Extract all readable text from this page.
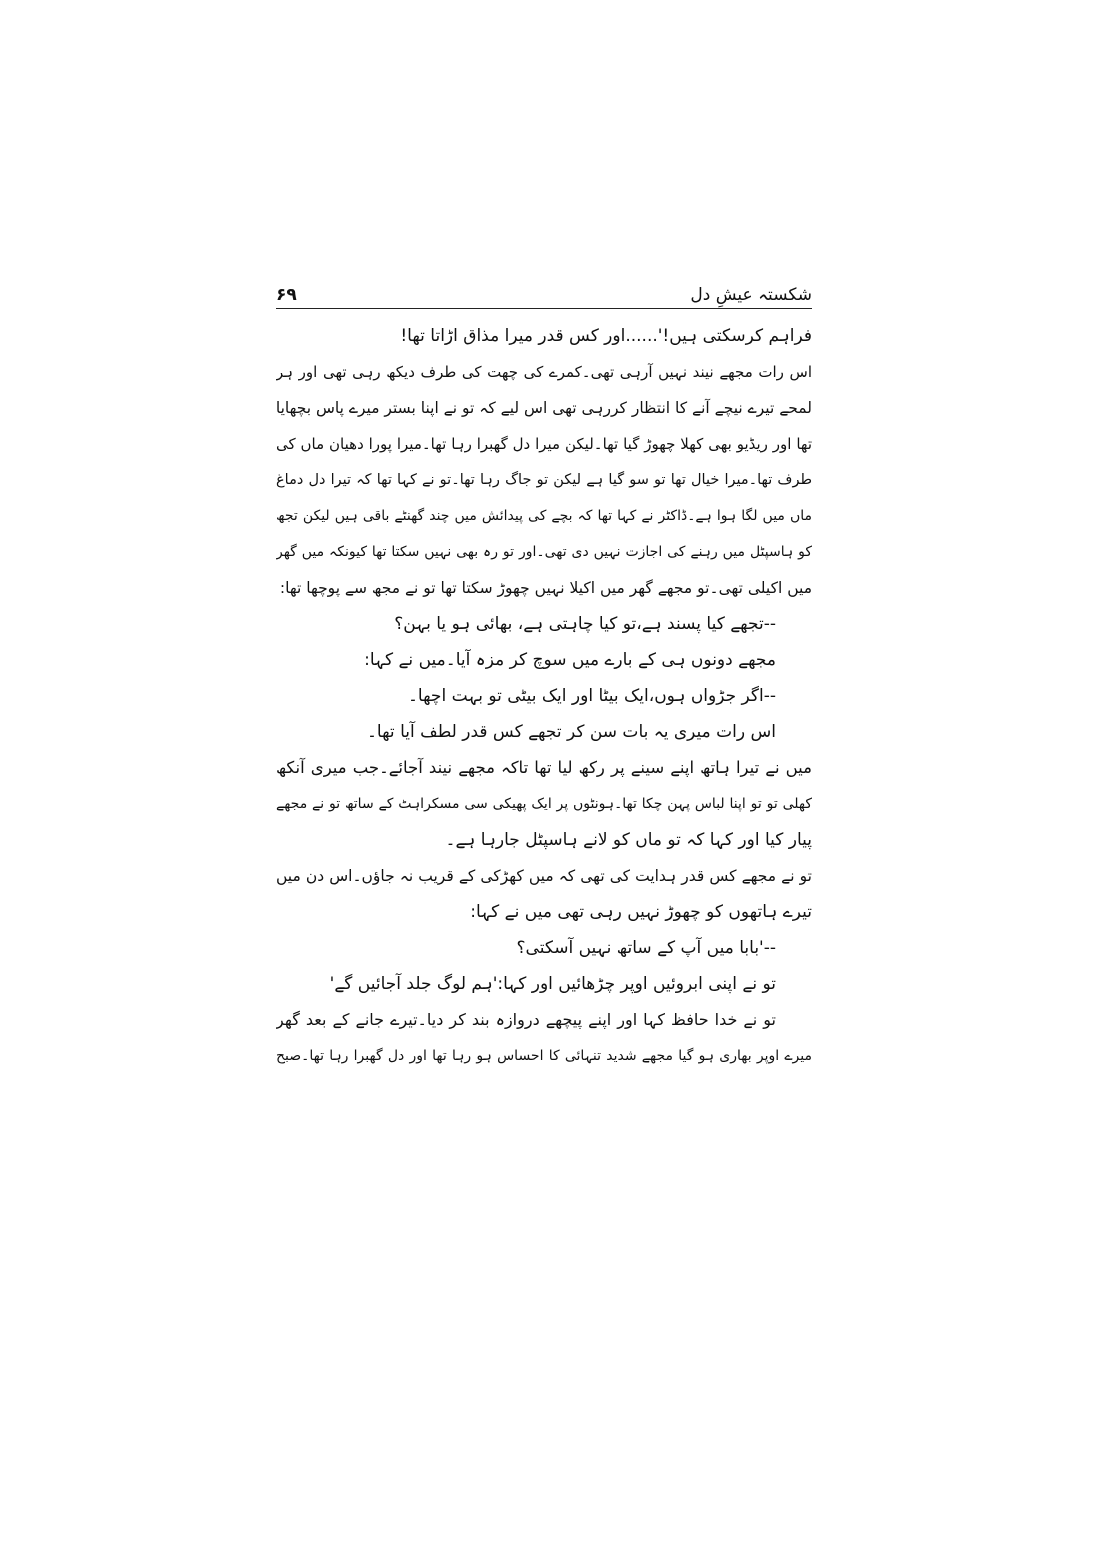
شکستہ عیشِ دل
۶۹
فراہم کرسکتی ہیں!'......اور کس قدر میرا مذاق اڑاتا تھا!
اس رات مجھے نیند نہیں آرہی تھی۔کمرے کی چھت کی طرف دیکھ رہی تھی اور ہر
لمحے تیرے نیچے آنے کا انتظار کررہی تھی اس لیے کہ تو نے اپنا بستر میرے پاس بچھایا
تھا اور ریڈیو بھی کھلا چھوڑ گیا تھا۔لیکن میرا دل گھبرا رہا تھا۔میرا پورا دھیان ماں کی
طرف تھا۔میرا خیال تھا تو سو گیا ہے لیکن تو جاگ رہا تھا۔تو نے کہا تھا کہ تیرا دل دماغ
ماں میں لگا ہوا ہے۔ڈاکٹر نے کہا تھا کہ بچے کی پیدائش میں چند گھنٹے باقی ہیں لیکن تجھ
کو ہاسپٹل میں رہنے کی اجازت نہیں دی تھی۔اور تو رہ بھی نہیں سکتا تھا کیونکہ میں گھر
میں اکیلی تھی۔تو مجھے گھر میں اکیلا نہیں چھوڑ سکتا تھا تو نے مجھ سے پوچھا تھا:
--تجھے کیا پسند ہے،تو کیا چاہتی ہے، بھائی ہو یا بہن؟
مجھے دونوں ہی کے بارے میں سوچ کر مزہ آیا۔میں نے کہا:
--اگر جڑواں ہوں،ایک بیٹا اور ایک بیٹی تو بہت اچھا۔
اس رات میری یہ بات سن کر تجھے کس قدر لطف آیا تھا۔
میں نے تیرا ہاتھ اپنے سینے پر رکھ لیا تھا تاکہ مجھے نیند آجائے۔جب میری آنکھ
کھلی تو تو اپنا لباس پہن چکا تھا۔ہونٹوں پر ایک پھیکی سی مسکراہٹ کے ساتھ تو نے مجھے
پیار کیا اور کہا کہ تو ماں کو لانے ہاسپٹل جارہا ہے۔
تو نے مجھے کس قدر ہدایت کی تھی کہ میں کھڑکی کے قریب نہ جاؤں۔اس دن میں
تیرے ہاتھوں کو چھوڑ نہیں رہی تھی میں نے کہا:
--'بابا میں آپ کے ساتھ نہیں آسکتی؟
تو نے اپنی ابروئیں اوپر چڑھائیں اور کہا:'ہم لوگ جلد آجائیں گے'
تو نے خدا حافظ کہا اور اپنے پیچھے دروازہ بند کر دیا۔تیرے جانے کے بعد گھر
میرے اوپر بھاری ہو گیا مجھے شدید تنہائی کا احساس ہو رہا تھا اور دل گھبرا رہا تھا۔صبح
